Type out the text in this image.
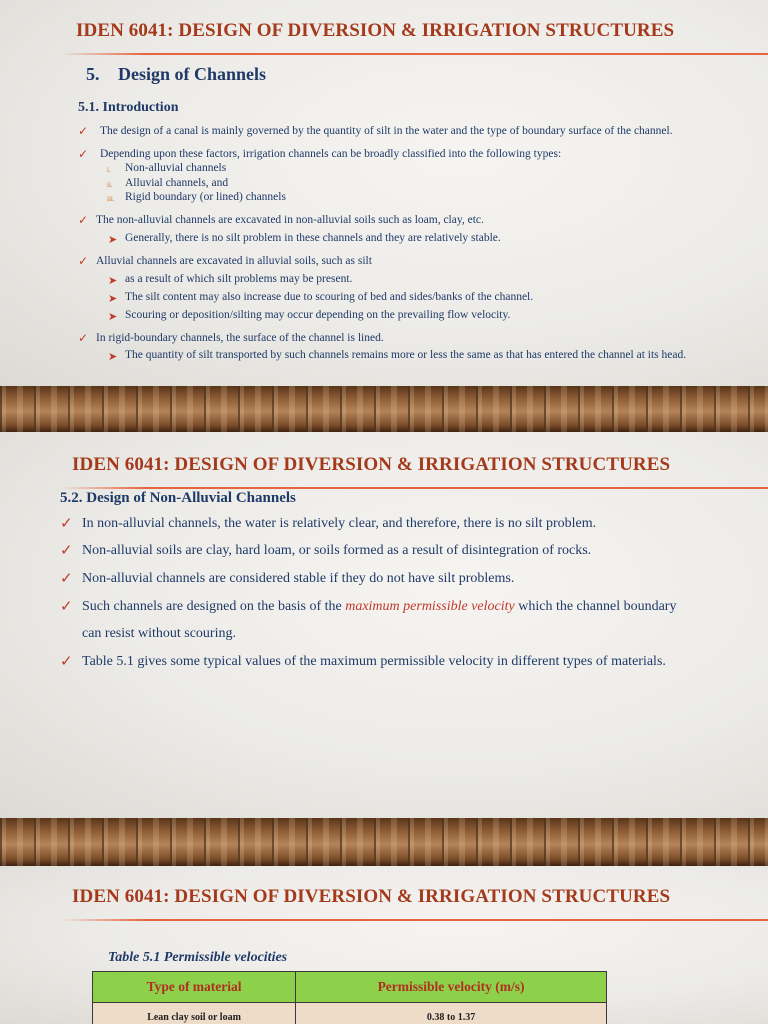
IDEN 6041: DESIGN OF DIVERSION & IRRIGATION STRUCTURES
5. Design of Channels
5.1. Introduction
✓ The design of a canal is mainly governed by the quantity of silt in the water and the type of boundary surface of the channel.
✓ Depending upon these factors, irrigation channels can be broadly classified into the following types:
i. Non-alluvial channels
ii. Alluvial channels, and
iii. Rigid boundary (or lined) channels
✓ The non-alluvial channels are excavated in non-alluvial soils such as loam, clay, etc.
➤ Generally, there is no silt problem in these channels and they are relatively stable.
✓ Alluvial channels are excavated in alluvial soils, such as silt
➤ as a result of which silt problems may be present.
➤ The silt content may also increase due to scouring of bed and sides/banks of the channel.
➤ Scouring or deposition/silting may occur depending on the prevailing flow velocity.
✓ In rigid-boundary channels, the surface of the channel is lined.
➤ The quantity of silt transported by such channels remains more or less the same as that has entered the channel at its head.
IDEN 6041: DESIGN OF DIVERSION & IRRIGATION STRUCTURES
5.2. Design of Non-Alluvial Channels
✓ In non-alluvial channels, the water is relatively clear, and therefore, there is no silt problem.
✓ Non-alluvial soils are clay, hard loam, or soils formed as a result of disintegration of rocks.
✓ Non-alluvial channels are considered stable if they do not have silt problems.
✓ Such channels are designed on the basis of the maximum permissible velocity which the channel boundary
can resist without scouring.
✓ Table 5.1 gives some typical values of the maximum permissible velocity in different types of materials.
IDEN 6041: DESIGN OF DIVERSION & IRRIGATION STRUCTURES
Table 5.1 Permissible velocities
Type of material	Permissible velocity (m/s)
Lean clay soil or loam	0.38 to 1.37
